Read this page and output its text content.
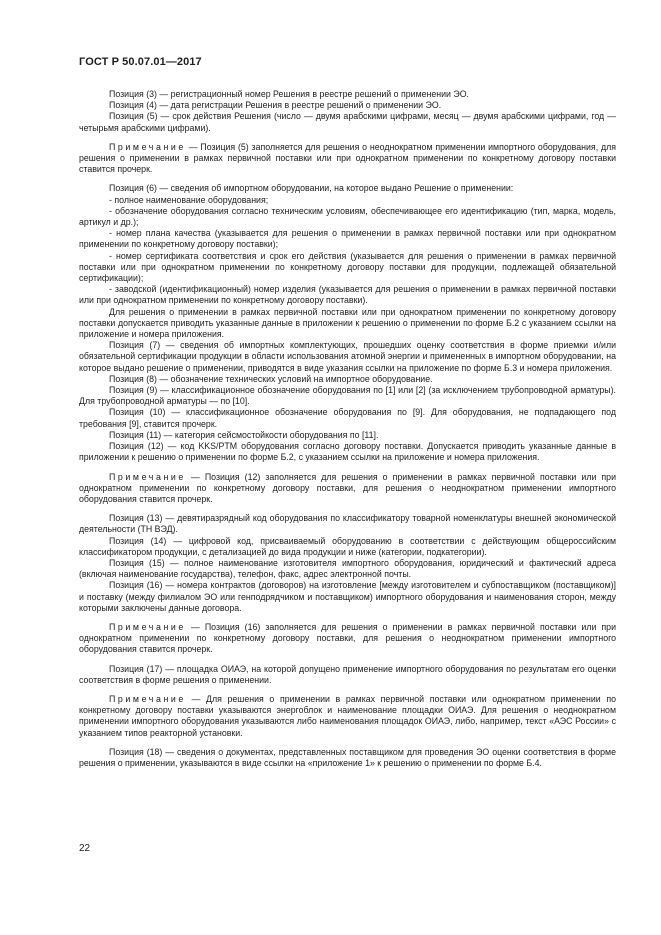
ГОСТ Р 50.07.01—2017

Позиция (3) — регистрационный номер Решения в реестре решений о применении ЭО.

Позиция (4) — дата регистрации Решения в реестре решений о применении ЭО.

Позиция (5) — срок действия Решения (число — двумя арабскими цифрами, месяц — двумя арабскими цифрами, год — четырьмя арабскими цифрами).

Примечание — Позиция (5) заполняется для решения о неоднократном применении импортного оборудования, для решения о применении в рамках первичной поставки или при однократном применении по конкретному договору поставки ставится прочерк.

Позиция (6) — сведения об импортном оборудовании, на которое выдано Решение о применении:

- полное наименование оборудования;

- обозначение оборудования согласно техническим условиям, обеспечивающее его идентификацию (тип, марка, модель, артикул и др.);

- номер плана качества (указывается для решения о применении в рамках первичной поставки или при однократном применении по конкретному договору поставки);

- номер сертификата соответствия и срок его действия (указывается для решения о применении в рамках первичной поставки или при однократном применении по конкретному договору поставки для продукции, подлежащей обязательной сертификации);

- заводской (идентификационный) номер изделия (указывается для решения о применении в рамках первичной поставки или при однократном применении по конкретному договору поставки).

Для решения о применении в рамках первичной поставки или при однократном применении по конкретному договору поставки допускается приводить указанные данные в приложении к решению о применении по форме Б.2 с указанием ссылки на приложение и номера приложения.

Позиция (7) — сведения об импортных комплектующих, прошедших оценку соответствия в форме приемки и/или обязательной сертификации продукции в области использования атомной энергии и примененных в импортном оборудовании, на которое выдано решение о применении, приводятся в виде указания ссылки на приложение по форме Б.3 и номера приложения.

Позиция (8) — обозначение технических условий на импортное оборудование.

Позиция (9) — классификационное обозначение оборудования по [1] или [2] (за исключением трубопроводной арматуры). Для трубопроводной арматуры — по [10].

Позиция (10) — классификационное обозначение оборудования по [9]. Для оборудования, не подпадающего под требования [9], ставится прочерк.

Позиция (11) — категория сейсмостойкости оборудования по [11].

Позиция (12) — код KKS/PTM оборудования согласно договору поставки. Допускается приводить указанные данные в приложении к решению о применении по форме Б.2, с указанием ссылки на приложение и номера приложения.

Примечание — Позиция (12) заполняется для решения о применении в рамках первичной поставки или при однократном применении по конкретному договору поставки, для решения о неоднократном применении импортного оборудования ставится прочерк.

Позиция (13) — девятиразрядный код оборудования по классификатору товарной номенклатуры внешней экономической деятельности (ТН ВЭД).

Позиция (14) — цифровой код, присваиваемый оборудованию в соответствии с действующим общероссийским классификатором продукции, с детализацией до вида продукции и ниже (категории, подкатегории).

Позиция (15) — полное наименование изготовителя импортного оборудования, юридический и фактический адреса (включая наименование государства), телефон, факс, адрес электронной почты.

Позиция (16) — номера контрактов (договоров) на изготовление [между изготовителем и субпоставщиком (поставщиком)] и поставку (между филиалом ЭО или генподрядчиком и поставщиком) импортного оборудования и наименования сторон, между которыми заключены данные договора.

Примечание — Позиция (16) заполняется для решения о применении в рамках первичной поставки или при однократном применении по конкретному договору поставки, для решения о неоднократном применении импортного оборудования ставится прочерк.

Позиция (17) — площадка ОИАЭ, на которой допущено применение импортного оборудования по результатам его оценки соответствия в форме решения о применении.

Примечание — Для решения о применении в рамках первичной поставки или однократном применении по конкретному договору поставки указываются энергоблок и наименование площадки ОИАЭ. Для решения о неоднократном применении импортного оборудования указываются либо наименования площадок ОИАЭ, либо, например, текст «АЭС России» с указанием типов реакторной установки.

Позиция (18) — сведения о документах, представленных поставщиком для проведения ЭО оценки соответствия в форме решения о применении, указываются в виде ссылки на «приложение 1» к решению о применении по форме Б.4.

22
